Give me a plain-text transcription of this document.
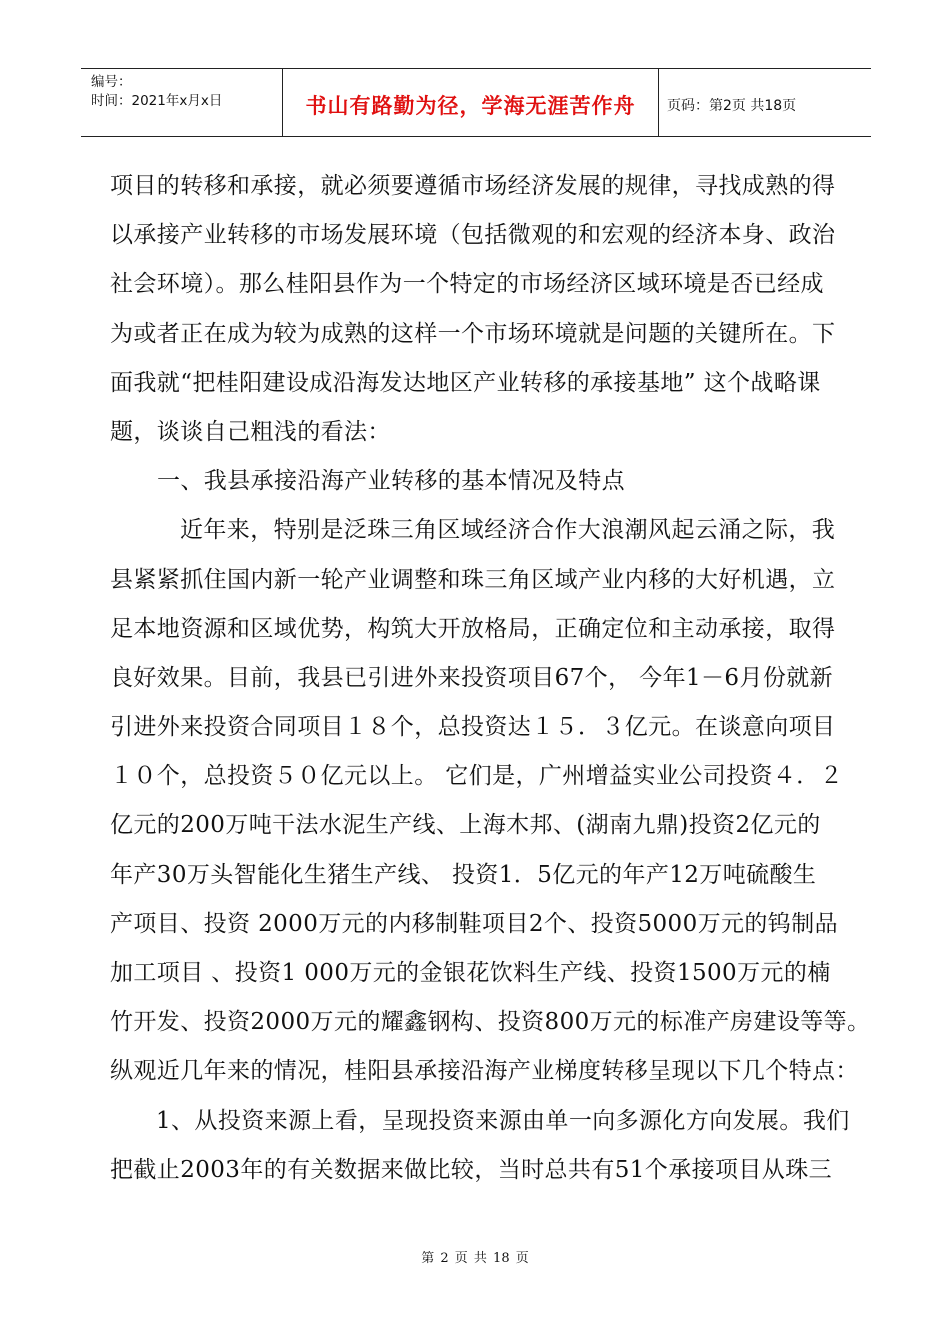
编号：
时间：2021年x月x日	书山有路勤为径，学海无涯苦作舟 页码：第2页 共18页
项目的转移和承接，就必须要遵循市场经济发展的规律，寻找成熟的得
以承接产业转移的市场发展环境（包括微观的和宏观的经济本身、政治
社会环境）。那么桂阳县作为一个特定的市场经济区域环境是否已经成
为或者正在成为较为成熟的这样一个市场环境就是问题的关键所在。下
面我就“把桂阳建设成沿海发达地区产业转移的承接基地” 这个战略课
题，谈谈自己粗浅的看法：
一、我县承接沿海产业转移的基本情况及特点
近年来，特别是泛珠三角区域经济合作大浪潮风起云涌之际，我
县紧紧抓住国内新一轮产业调整和珠三角区域产业内移的大好机遇，立
足本地资源和区域优势，构筑大开放格局，正确定位和主动承接，取得
良好效果。目前，我县已引进外来投资项目67个， 今年1－6月份就新
引进外来投资合同项目１８个，总投资达１５．３亿元。在谈意向项目
１０个，总投资５０亿元以上。 它们是，广州增益实业公司投资４．２
亿元的200万吨干法水泥生产线、上海木邦、(湖南九鼎)投资2亿元的
年产30万头智能化生猪生产线、 投资1．5亿元的年产12万吨硫酸生
产项目、投资 2000万元的内移制鞋项目2个、投资5000万元的钨制品
加工项目 、投资1 000万元的金银花饮料生产线、投资1500万元的楠
竹开发、投资2000万元的耀鑫钢构、投资800万元的标准产房建设等等。
纵观近几年来的情况，桂阳县承接沿海产业梯度转移呈现以下几个特点：
1、从投资来源上看，呈现投资来源由单一向多源化方向发展。我们
把截止2003年的有关数据来做比较，当时总共有51个承接项目从珠三
第 2 页 共 18 页
